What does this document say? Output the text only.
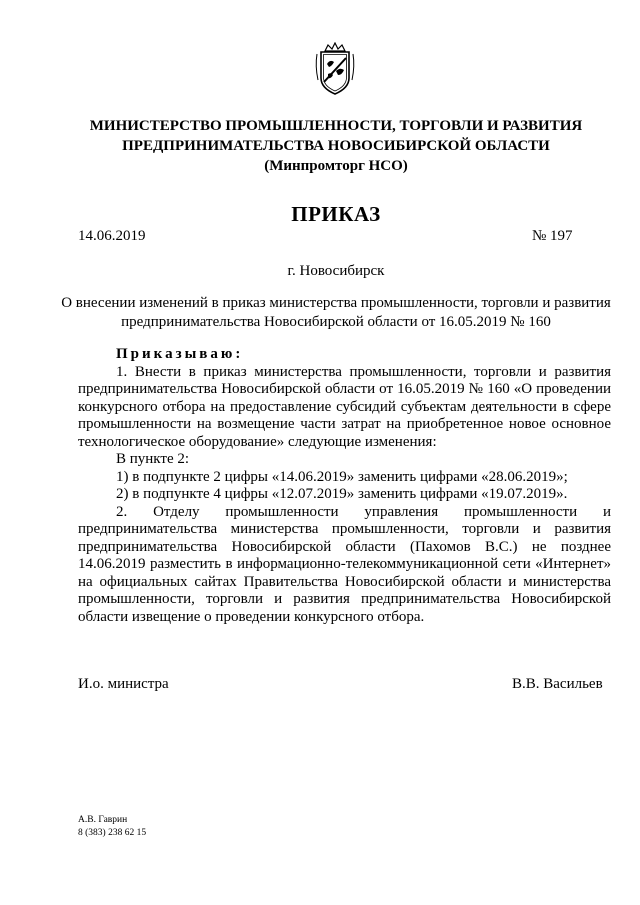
МИНИСТЕРСТВО ПРОМЫШЛЕННОСТИ, ТОРГОВЛИ И РАЗВИТИЯ
ПРЕДПРИНИМАТЕЛЬСТВА НОВОСИБИРСКОЙ ОБЛАСТИ
(Минпромторг НСО)
ПРИКАЗ
14.06.2019	№ 197
г. Новосибирск
О внесении изменений в приказ министерства промышленности, торговли и развития предпринимательства Новосибирской области от 16.05.2019 № 160

Приказываю:

1. Внести в приказ министерства промышленности, торговли и развития предпринимательства Новосибирской области от 16.05.2019 № 160 «О проведении конкурсного отбора на предоставление субсидий субъектам деятельности в сфере промышленности на возмещение части затрат на приобретенное новое основное технологическое оборудование» следующие изменения:

В пункте 2:

1) в подпункте 2 цифры «14.06.2019» заменить цифрами «28.06.2019»;

2) в подпункте 4 цифры «12.07.2019» заменить цифрами «19.07.2019».

2. Отделу промышленности управления промышленности и предпринимательства министерства промышленности, торговли и развития предпринимательства Новосибирской области (Пахомов В.С.) не позднее 14.06.2019 разместить в информационно-телекоммуникационной сети «Интернет» на официальных сайтах Правительства Новосибирской области и министерства промышленности, торговли и развития предпринимательства Новосибирской области извещение о проведении конкурсного отбора.

И.о. министра	В.В. Васильев
А.В. Гаврин
8 (383) 238 62 15
